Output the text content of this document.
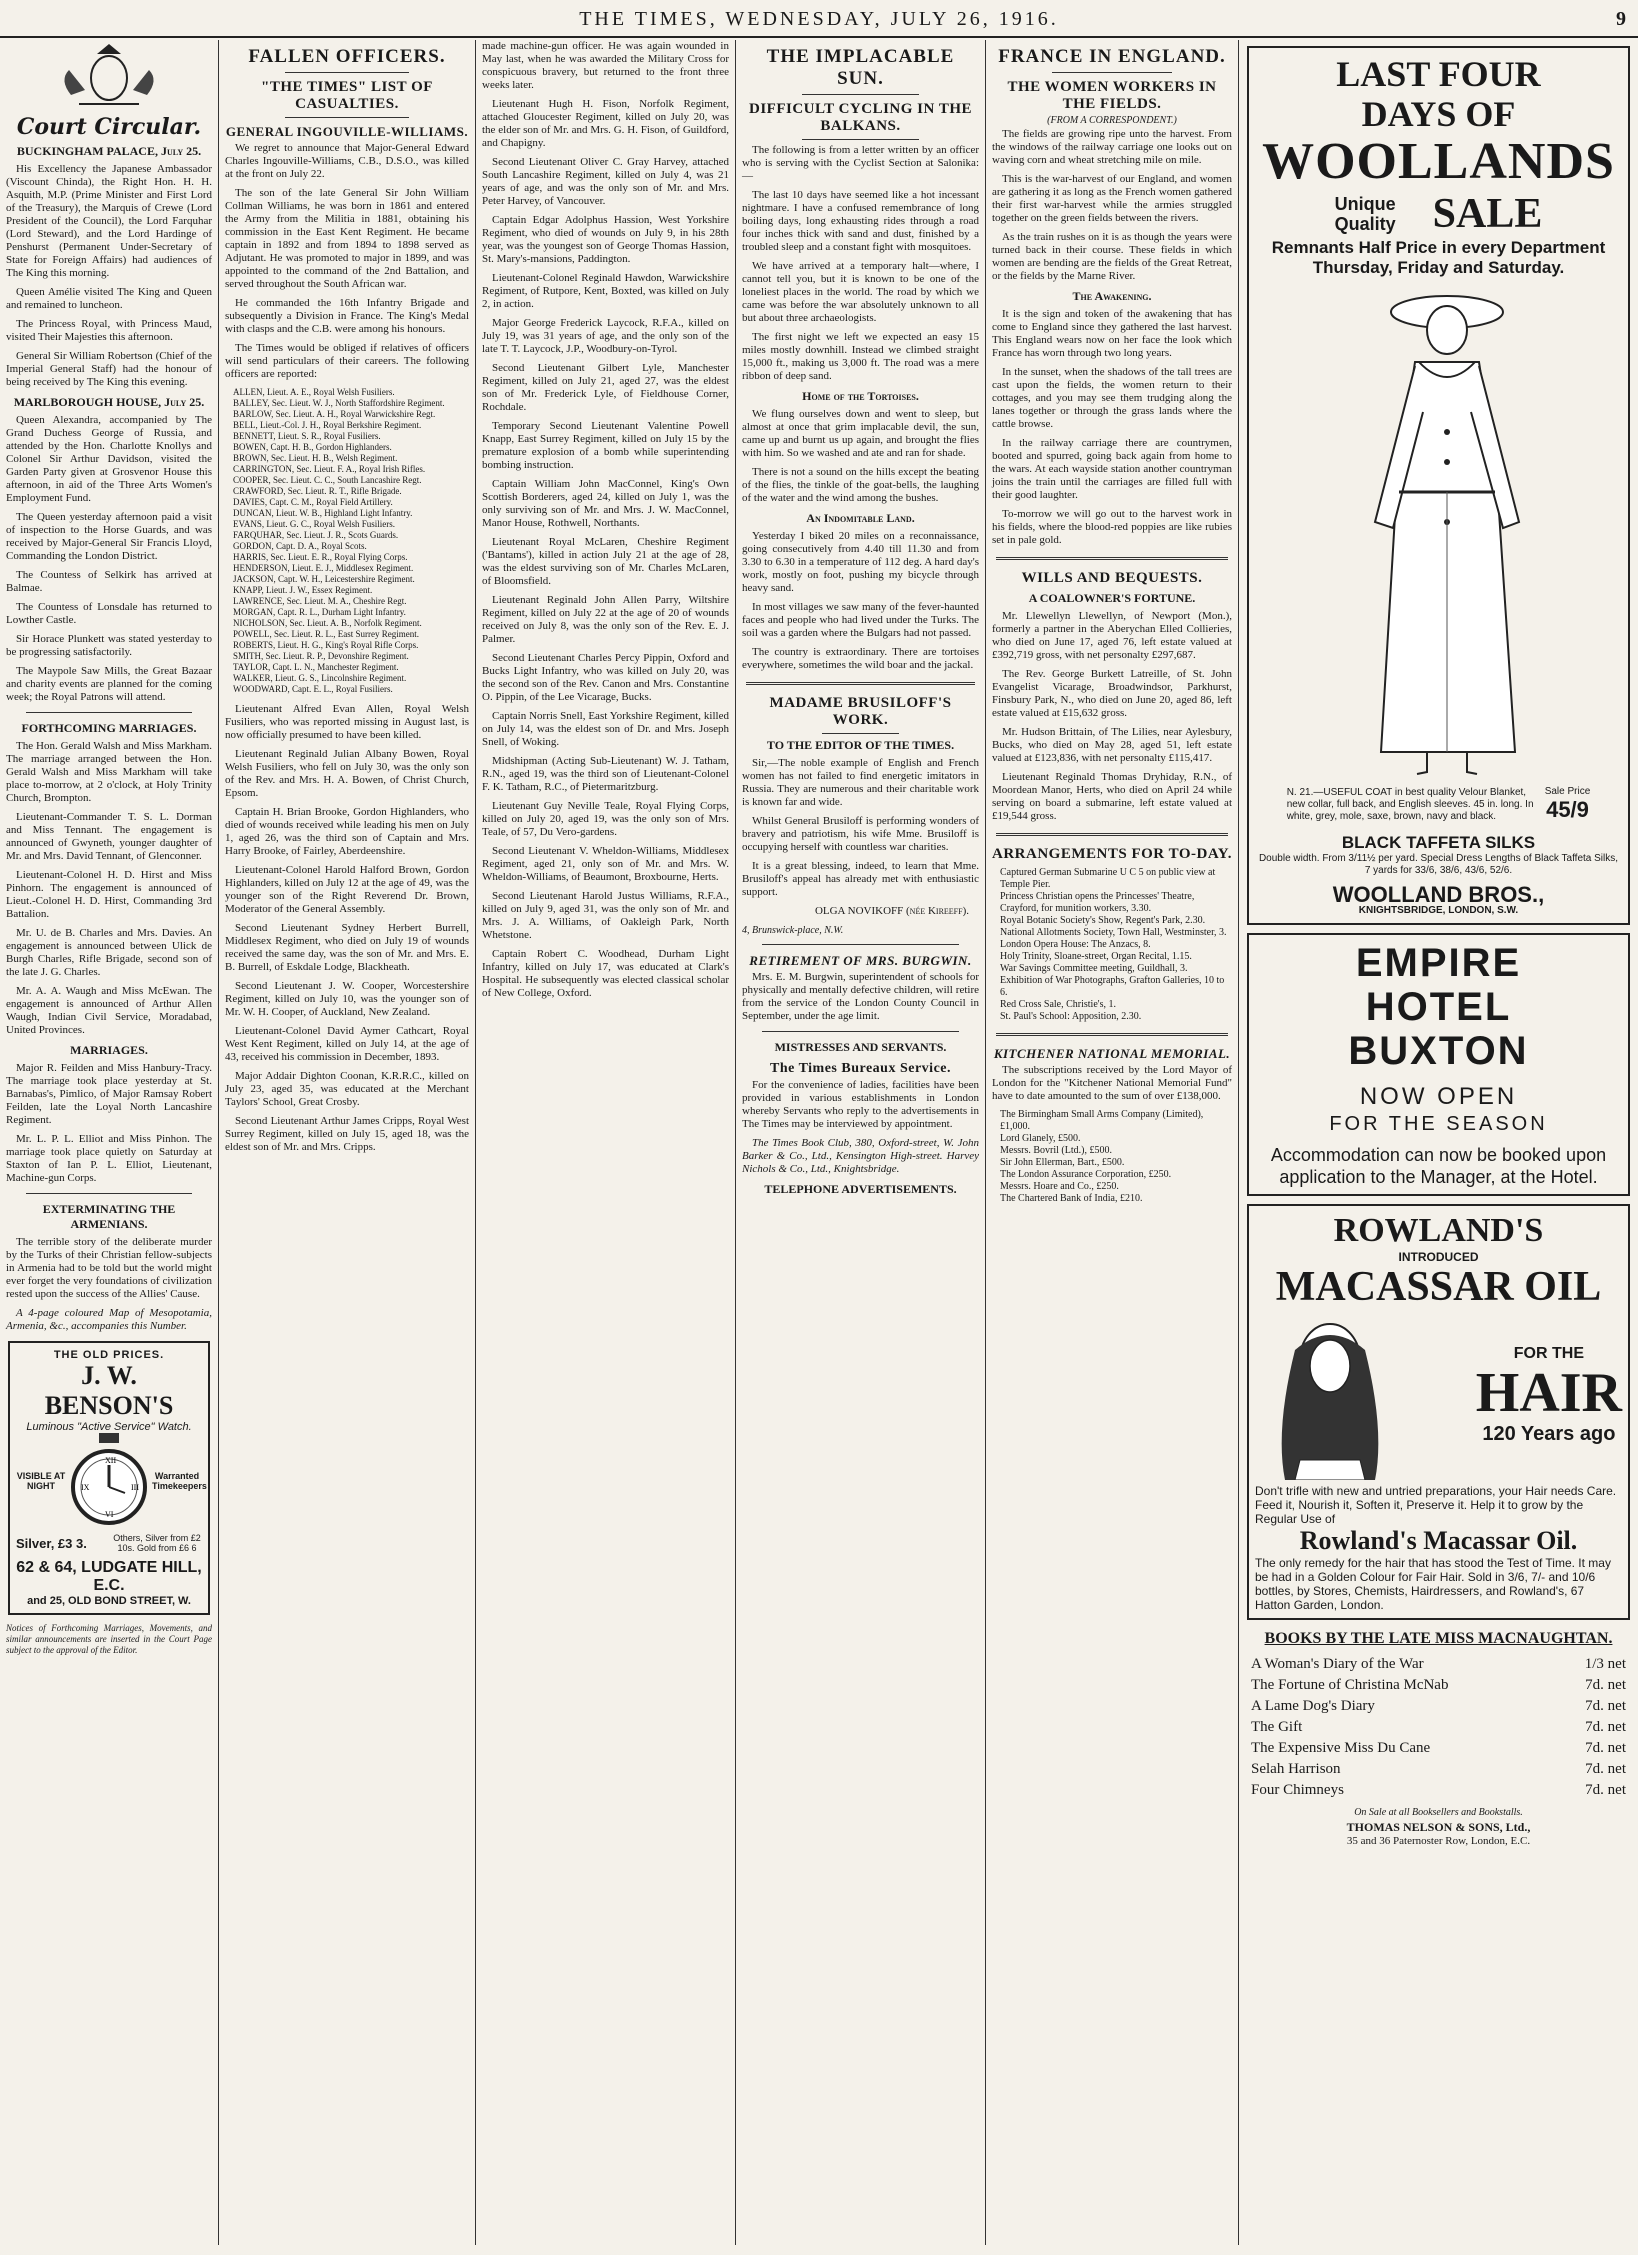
THE TIMES, WEDNESDAY, JULY 26, 1916.	9
Court Circular.
BUCKINGHAM PALACE, July 25.

His Excellency the Japanese Ambassador (Viscount Chinda), the Right Hon. H. H. Asquith, M.P. (Prime Minister and First Lord of the Treasury), the Marquis of Crewe (Lord President of the Council), the Lord Farquhar (Lord Steward), and the Lord Hardinge of Penshurst (Permanent Under-Secretary of State for Foreign Affairs) had audiences of The King this morning.

Queen Amélie visited The King and Queen and remained to luncheon.

The Princess Royal, with Princess Maud, visited Their Majesties this afternoon.

General Sir William Robertson (Chief of the Imperial General Staff) had the honour of being received by The King this evening.

MARLBOROUGH HOUSE, July 25.

Queen Alexandra, accompanied by The Grand Duchess George of Russia, and attended by the Hon. Charlotte Knollys and Colonel Sir Arthur Davidson, visited the Garden Party given at Grosvenor House this afternoon, in aid of the Three Arts Women's Employment Fund.

The Queen yesterday afternoon paid a visit of inspection to the Horse Guards, and was received by Major-General Sir Francis Lloyd, Commanding the London District.

The Countess of Selkirk has arrived at Balmae.

The Countess of Lonsdale has returned to Lowther Castle.

Sir Horace Plunkett was stated yesterday to be progressing satisfactorily.

The Maypole Saw Mills, the Great Bazaar and charity events are planned for the coming week; the Royal Patrons will attend.

FORTHCOMING MARRIAGES.

The Hon. Gerald Walsh and Miss Markham. The marriage arranged between the Hon. Gerald Walsh and Miss Markham will take place to-morrow, at 2 o'clock, at Holy Trinity Church, Brompton.

Lieutenant-Commander T. S. L. Dorman and Miss Tennant. The engagement is announced of Gwyneth, younger daughter of Mr. and Mrs. David Tennant, of Glenconner.

Lieutenant-Colonel H. D. Hirst and Miss Pinhorn. The engagement is announced of Lieut.-Colonel H. D. Hirst, Commanding 3rd Battalion.

Mr. U. de B. Charles and Mrs. Davies. An engagement is announced between Ulick de Burgh Charles, Rifle Brigade, second son of the late J. G. Charles.

Mr. A. A. Waugh and Miss McEwan. The engagement is announced of Arthur Allen Waugh, Indian Civil Service, Moradabad, United Provinces.

MARRIAGES.

Major R. Feilden and Miss Hanbury-Tracy. The marriage took place yesterday at St. Barnabas's, Pimlico, of Major Ramsay Robert Feilden, late the Loyal North Lancashire Regiment.

Mr. L. P. L. Elliot and Miss Pinhon. The marriage took place quietly on Saturday at Staxton of Ian P. L. Elliot, Lieutenant, Machine-gun Corps.

EXTERMINATING THE ARMENIANS.

The terrible story of the deliberate murder by the Turks of their Christian fellow-subjects in Armenia had to be told but the world might ever forget the very foundations of civilization rested upon the success of the Allies' Cause.

A 4-page coloured Map of Mesopotamia, Armenia, &c., accompanies this Number.

THE OLD PRICES.
J. W. BENSON'S
Luminous "Active Service" Watch.
VISIBLE AT NIGHT
XII
III
VI
IX
Warranted Timekeepers
Silver, £3 3.	Others, Silver from £2 10s. Gold from £6 6
62 & 64, LUDGATE HILL, E.C.
and 25, OLD BOND STREET, W.
Notices of Forthcoming Marriages, Movements, and similar announcements are inserted in the Court Page subject to the approval of the Editor.
FALLEN OFFICERS.
"THE TIMES" LIST OF CASUALTIES.
GENERAL INGOUVILLE-WILLIAMS.

We regret to announce that Major-General Edward Charles Ingouville-Williams, C.B., D.S.O., was killed at the front on July 22.

The son of the late General Sir John William Collman Williams, he was born in 1861 and entered the Army from the Militia in 1881, obtaining his commission in the East Kent Regiment. He became captain in 1892 and from 1894 to 1898 served as Adjutant. He was promoted to major in 1899, and was appointed to the command of the 2nd Battalion, and served throughout the South African war.

He commanded the 16th Infantry Brigade and subsequently a Division in France. The King's Medal with clasps and the C.B. were among his honours.

The Times would be obliged if relatives of officers will send particulars of their careers. The following officers are reported:

ALLEN, Lieut. A. E., Royal Welsh Fusiliers.
BALLEY, Sec. Lieut. W. J., North Staffordshire Regiment.
BARLOW, Sec. Lieut. A. H., Royal Warwickshire Regt.
BELL, Lieut.-Col. J. H., Royal Berkshire Regiment.
BENNETT, Lieut. S. R., Royal Fusiliers.
BOWEN, Capt. H. B., Gordon Highlanders.
BROWN, Sec. Lieut. H. B., Welsh Regiment.
CARRINGTON, Sec. Lieut. F. A., Royal Irish Rifles.
COOPER, Sec. Lieut. C. C., South Lancashire Regt.
CRAWFORD, Sec. Lieut. R. T., Rifle Brigade.
DAVIES, Capt. C. M., Royal Field Artillery.
DUNCAN, Lieut. W. B., Highland Light Infantry.
EVANS, Lieut. G. C., Royal Welsh Fusiliers.
FARQUHAR, Sec. Lieut. J. R., Scots Guards.
GORDON, Capt. D. A., Royal Scots.
HARRIS, Sec. Lieut. E. R., Royal Flying Corps.
HENDERSON, Lieut. E. J., Middlesex Regiment.
JACKSON, Capt. W. H., Leicestershire Regiment.
KNAPP, Lieut. J. W., Essex Regiment.
LAWRENCE, Sec. Lieut. M. A., Cheshire Regt.
MORGAN, Capt. R. L., Durham Light Infantry.
NICHOLSON, Sec. Lieut. A. B., Norfolk Regiment.
POWELL, Sec. Lieut. R. L., East Surrey Regiment.
ROBERTS, Lieut. H. G., King's Royal Rifle Corps.
SMITH, Sec. Lieut. R. P., Devonshire Regiment.
TAYLOR, Capt. L. N., Manchester Regiment.
WALKER, Lieut. G. S., Lincolnshire Regiment.
WOODWARD, Capt. E. L., Royal Fusiliers.

Lieutenant Alfred Evan Allen, Royal Welsh Fusiliers, who was reported missing in August last, is now officially presumed to have been killed.

Lieutenant Reginald Julian Albany Bowen, Royal Welsh Fusiliers, who fell on July 30, was the only son of the Rev. and Mrs. H. A. Bowen, of Christ Church, Epsom.

Captain H. Brian Brooke, Gordon Highlanders, who died of wounds received while leading his men on July 1, aged 26, was the third son of Captain and Mrs. Harry Brooke, of Fairley, Aberdeenshire.

Lieutenant-Colonel Harold Halford Brown, Gordon Highlanders, killed on July 12 at the age of 49, was the younger son of the Right Reverend Dr. Brown, Moderator of the General Assembly.

Second Lieutenant Sydney Herbert Burrell, Middlesex Regiment, who died on July 19 of wounds received the same day, was the son of Mr. and Mrs. E. B. Burrell, of Eskdale Lodge, Blackheath.

Second Lieutenant J. W. Cooper, Worcestershire Regiment, killed on July 10, was the younger son of Mr. W. H. Cooper, of Auckland, New Zealand.

Lieutenant-Colonel David Aymer Cathcart, Royal West Kent Regiment, killed on July 14, at the age of 43, received his commission in December, 1893.

Major Addair Dighton Coonan, K.R.R.C., killed on July 23, aged 35, was educated at the Merchant Taylors' School, Great Crosby.

Second Lieutenant Arthur James Cripps, Royal West Surrey Regiment, killed on July 15, aged 18, was the eldest son of Mr. and Mrs. Cripps.

made machine-gun officer. He was again wounded in May last, when he was awarded the Military Cross for conspicuous bravery, but returned to the front three weeks later.

Lieutenant Hugh H. Fison, Norfolk Regiment, attached Gloucester Regiment, killed on July 20, was the elder son of Mr. and Mrs. G. H. Fison, of Guildford, and Chapigny.

Second Lieutenant Oliver C. Gray Harvey, attached South Lancashire Regiment, killed on July 4, was 21 years of age, and was the only son of Mr. and Mrs. Peter Harvey, of Vancouver.

Captain Edgar Adolphus Hassion, West Yorkshire Regiment, who died of wounds on July 9, in his 28th year, was the youngest son of George Thomas Hassion, St. Mary's-mansions, Paddington.

Lieutenant-Colonel Reginald Hawdon, Warwickshire Regiment, of Rutpore, Kent, Boxted, was killed on July 2, in action.

Major George Frederick Laycock, R.F.A., killed on July 19, was 31 years of age, and the only son of the late T. T. Laycock, J.P., Woodbury-on-Tyrol.

Second Lieutenant Gilbert Lyle, Manchester Regiment, killed on July 21, aged 27, was the eldest son of Mr. Frederick Lyle, of Fieldhouse Corner, Rochdale.

Temporary Second Lieutenant Valentine Powell Knapp, East Surrey Regiment, killed on July 15 by the premature explosion of a bomb while superintending bombing instruction.

Captain William John MacConnel, King's Own Scottish Borderers, aged 24, killed on July 1, was the only surviving son of Mr. and Mrs. J. W. MacConnel, Manor House, Rothwell, Northants.

Lieutenant Royal McLaren, Cheshire Regiment ('Bantams'), killed in action July 21 at the age of 28, was the eldest surviving son of Mr. Charles McLaren, of Bloomsfield.

Lieutenant Reginald John Allen Parry, Wiltshire Regiment, killed on July 22 at the age of 20 of wounds received on July 8, was the only son of the Rev. E. J. Palmer.

Second Lieutenant Charles Percy Pippin, Oxford and Bucks Light Infantry, who was killed on July 20, was the second son of the Rev. Canon and Mrs. Constantine O. Pippin, of the Lee Vicarage, Bucks.

Captain Norris Snell, East Yorkshire Regiment, killed on July 14, was the eldest son of Dr. and Mrs. Joseph Snell, of Woking.

Midshipman (Acting Sub-Lieutenant) W. J. Tatham, R.N., aged 19, was the third son of Lieutenant-Colonel F. K. Tatham, R.C., of Pietermaritzburg.

Lieutenant Guy Neville Teale, Royal Flying Corps, killed on July 20, aged 19, was the only son of Mrs. Teale, of 57, Du Vero-gardens.

Second Lieutenant V. Wheldon-Williams, Middlesex Regiment, aged 21, only son of Mr. and Mrs. W. Wheldon-Williams, of Beaumont, Broxbourne, Herts.

Second Lieutenant Harold Justus Williams, R.F.A., killed on July 9, aged 31, was the only son of Mr. and Mrs. J. A. Williams, of Oakleigh Park, North Whetstone.

Captain Robert C. Woodhead, Durham Light Infantry, killed on July 17, was educated at Clark's Hospital. He subsequently was elected classical scholar of New College, Oxford.

THE IMPLACABLE SUN.
DIFFICULT CYCLING IN THE BALKANS.

The following is from a letter written by an officer who is serving with the Cyclist Section at Salonika:—

The last 10 days have seemed like a hot incessant nightmare. I have a confused remembrance of long boiling days, long exhausting rides through a road four inches thick with sand and dust, finished by a troubled sleep and a constant fight with mosquitoes.

We have arrived at a temporary halt—where, I cannot tell you, but it is known to be one of the loneliest places in the world. The road by which we came was before the war absolutely unknown to all but about three archaeologists.

The first night we left we expected an easy 15 miles mostly downhill. Instead we climbed straight 15,000 ft., making us 3,000 ft. The road was a mere ribbon of deep sand.

Home of the Tortoises.

We flung ourselves down and went to sleep, but almost at once that grim implacable devil, the sun, came up and burnt us up again, and brought the flies with him. So we washed and ate and ran for shade.

There is not a sound on the hills except the beating of the flies, the tinkle of the goat-bells, the laughing of the water and the wind among the bushes.

An Indomitable Land.

Yesterday I biked 20 miles on a reconnaissance, going consecutively from 4.40 till 11.30 and from 3.30 to 6.30 in a temperature of 112 deg. A hard day's work, mostly on foot, pushing my bicycle through heavy sand.

In most villages we saw many of the fever-haunted faces and people who had lived under the Turks. The soil was a garden where the Bulgars had not passed.

The country is extraordinary. There are tortoises everywhere, sometimes the wild boar and the jackal.

MADAME BRUSILOFF'S WORK.
TO THE EDITOR OF THE TIMES.

Sir,—The noble example of English and French women has not failed to find energetic imitators in Russia. They are numerous and their charitable work is known far and wide.

Whilst General Brusiloff is performing wonders of bravery and patriotism, his wife Mme. Brusiloff is occupying herself with countless war charities.

It is a great blessing, indeed, to learn that Mme. Brusiloff's appeal has already met with enthusiastic support.

OLGA NOVIKOFF (née Kireeff).
4, Brunswick-place, N.W.
RETIREMENT OF MRS. BURGWIN.

Mrs. E. M. Burgwin, superintendent of schools for physically and mentally defective children, will retire from the service of the London County Council in September, under the age limit.

MISTRESSES AND SERVANTS.
The Times Bureaux Service.

For the convenience of ladies, facilities have been provided in various establishments in London whereby Servants who reply to the advertisements in The Times may be interviewed by appointment.

The Times Book Club, 380, Oxford-street, W. John Barker & Co., Ltd., Kensington High-street. Harvey Nichols & Co., Ltd., Knightsbridge.

TELEPHONE ADVERTISEMENTS.
FRANCE IN ENGLAND.
THE WOMEN WORKERS IN THE FIELDS.
(FROM A CORRESPONDENT.)

The fields are growing ripe unto the harvest. From the windows of the railway carriage one looks out on waving corn and wheat stretching mile on mile.

This is the war-harvest of our England, and women are gathering it as long as the French women gathered their first war-harvest while the armies struggled together on the green fields between the rivers.

As the train rushes on it is as though the years were turned back in their course. These fields in which women are bending are the fields of the Great Retreat, or the fields by the Marne River.

The Awakening.

It is the sign and token of the awakening that has come to England since they gathered the last harvest. This England wears now on her face the look which France has worn through two long years.

In the sunset, when the shadows of the tall trees are cast upon the fields, the women return to their cottages, and you may see them trudging along the lanes together or through the grass lands where the cattle browse.

In the railway carriage there are countrymen, booted and spurred, going back again from home to the wars. At each wayside station another countryman joins the train until the carriages are filled full with their good laughter.

To-morrow we will go out to the harvest work in his fields, where the blood-red poppies are like rubies set in pale gold.

WILLS AND BEQUESTS.
A COALOWNER'S FORTUNE.

Mr. Llewellyn Llewellyn, of Newport (Mon.), formerly a partner in the Aberychan Elled Collieries, who died on June 17, aged 76, left estate valued at £392,719 gross, with net personalty £297,687.

The Rev. George Burkett Latreille, of St. John Evangelist Vicarage, Broadwindsor, Parkhurst, Finsbury Park, N., who died on June 20, aged 86, left estate valued at £15,632 gross.

Mr. Hudson Brittain, of The Lilies, near Aylesbury, Bucks, who died on May 28, aged 51, left estate valued at £123,836, with net personalty £115,417.

Lieutenant Reginald Thomas Dryhiday, R.N., of Moordean Manor, Herts, who died on April 24 while serving on board a submarine, left estate valued at £19,544 gross.

ARRANGEMENTS FOR TO-DAY.
Captured German Submarine U C 5 on public view at Temple Pier.
Princess Christian opens the Princesses' Theatre, Crayford, for munition workers, 3.30.
Royal Botanic Society's Show, Regent's Park, 2.30.
National Allotments Society, Town Hall, Westminster, 3.
London Opera House: The Anzacs, 8.
Holy Trinity, Sloane-street, Organ Recital, 1.15.
War Savings Committee meeting, Guildhall, 3.
Exhibition of War Photographs, Grafton Galleries, 10 to 6.
Red Cross Sale, Christie's, 1.
St. Paul's School: Apposition, 2.30.
KITCHENER NATIONAL MEMORIAL.

The subscriptions received by the Lord Mayor of London for the "Kitchener National Memorial Fund" have to date amounted to the sum of over £138,000.

The Birmingham Small Arms Company (Limited), £1,000.
Lord Glanely, £500.
Messrs. Bovril (Ltd.), £500.
Sir John Ellerman, Bart., £500.
The London Assurance Corporation, £250.
Messrs. Hoare and Co., £250.
The Chartered Bank of India, £210.
LAST FOUR
DAYS OF
WOOLLANDS
Unique Quality SALE
Remnants Half Price in every Department Thursday, Friday and Saturday.
N. 21.—USEFUL COAT in best quality Velour Blanket, new collar, full back, and English sleeves. 45 in. long. In white, grey, mole, saxe, brown, navy and black.
Sale Price
45/9
BLACK TAFFETA SILKS
Double width. From 3/11½ per yard. Special Dress Lengths of Black Taffeta Silks, 7 yards for 33/6, 38/6, 43/6, 52/6.
WOOLLAND BROS.,
KNIGHTSBRIDGE, LONDON, S.W.
EMPIRE
HOTEL
BUXTON
NOW OPEN
FOR THE SEASON
Accommodation can now be booked upon application to the Manager, at the Hotel.
ROWLAND'S
INTRODUCED
MACASSAR OIL
FOR THE
HAIR
120 Years ago
Don't trifle with new and untried preparations, your Hair needs Care. Feed it, Nourish it, Soften it, Preserve it. Help it to grow by the Regular Use of
Rowland's Macassar Oil.
The only remedy for the hair that has stood the Test of Time. It may be had in a Golden Colour for Fair Hair. Sold in 3/6, 7/- and 10/6 bottles, by Stores, Chemists, Hairdressers, and Rowland's, 67 Hatton Garden, London.
BOOKS BY THE LATE MISS MACNAUGHTAN.
A Woman's Diary of the War	1/3 net
The Fortune of Christina McNab	7d. net
A Lame Dog's Diary	7d. net
The Gift	7d. net
The Expensive Miss Du Cane	7d. net
Selah Harrison	7d. net
Four Chimneys	7d. net
On Sale at all Booksellers and Bookstalls.
THOMAS NELSON & SONS, Ltd.,
35 and 36 Paternoster Row, London, E.C.
